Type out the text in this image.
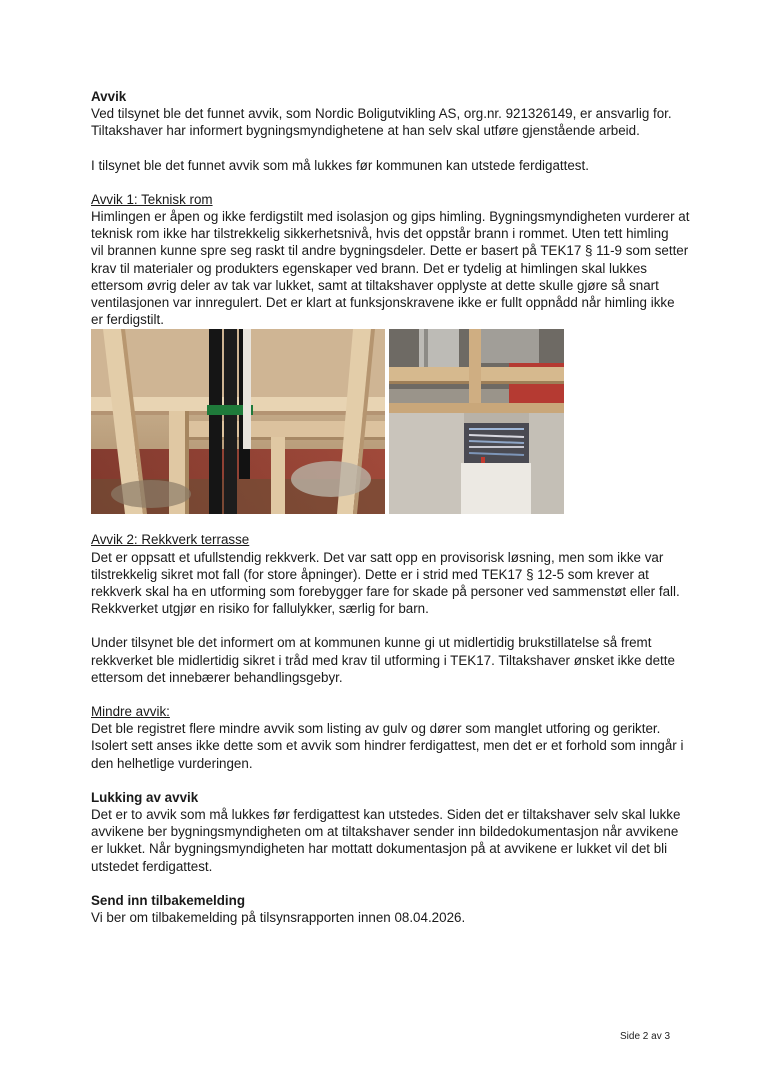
Avvik

Ved tilsynet ble det funnet avvik, som Nordic Boligutvikling AS, org.nr. 921326149, er ansvarlig for.

Tiltakshaver har informert bygningsmyndighetene at han selv skal utføre gjenstående arbeid.

I tilsynet ble det funnet avvik som må lukkes før kommunen kan utstede ferdigattest.

Avvik 1: Teknisk rom

Himlingen er åpen og ikke ferdigstilt med isolasjon og gips himling. Bygningsmyndigheten vurderer at

teknisk rom ikke har tilstrekkelig sikkerhetsnivå, hvis det oppstår brann i rommet. Uten tett himling

vil brannen kunne spre seg raskt til andre bygningsdeler. Dette er basert på TEK17 § 11-9 som setter

krav til materialer og produkters egenskaper ved brann. Det er tydelig at himlingen skal lukkes

ettersom øvrig deler av tak var lukket, samt at tiltakshaver opplyste at dette skulle gjøre så snart

ventilasjonen var innregulert. Det er klart at funksjonskravene ikke er fullt oppnådd når himling ikke

er ferdigstilt.

Avvik 2: Rekkverk terrasse

Det er oppsatt et ufullstendig rekkverk. Det var satt opp en provisorisk løsning, men som ikke var

tilstrekkelig sikret mot fall (for store åpninger). Dette er i strid med TEK17 § 12-5 som krever at

rekkverk skal ha en utforming som forebygger fare for skade på personer ved sammenstøt eller fall.

Rekkverket utgjør en risiko for fallulykker, særlig for barn.

Under tilsynet ble det informert om at kommunen kunne gi ut midlertidig brukstillatelse så fremt

rekkverket ble midlertidig sikret i tråd med krav til utforming i TEK17. Tiltakshaver ønsket ikke dette

ettersom det innebærer behandlingsgebyr.

Mindre avvik:

Det ble registret flere mindre avvik som listing av gulv og dører som manglet utforing og gerikter.

Isolert sett anses ikke dette som et avvik som hindrer ferdigattest, men det er et forhold som inngår i

den helhetlige vurderingen.

Lukking av avvik

Det er to avvik som må lukkes før ferdigattest kan utstedes. Siden det er tiltakshaver selv skal lukke

avvikene ber bygningsmyndigheten om at tiltakshaver sender inn bildedokumentasjon når avvikene

er lukket. Når bygningsmyndigheten har mottatt dokumentasjon på at avvikene er lukket vil det bli

utstedet ferdigattest.

Send inn tilbakemelding

Vi ber om tilbakemelding på tilsynsrapporten innen 08.04.2026.

Side 2 av 3
